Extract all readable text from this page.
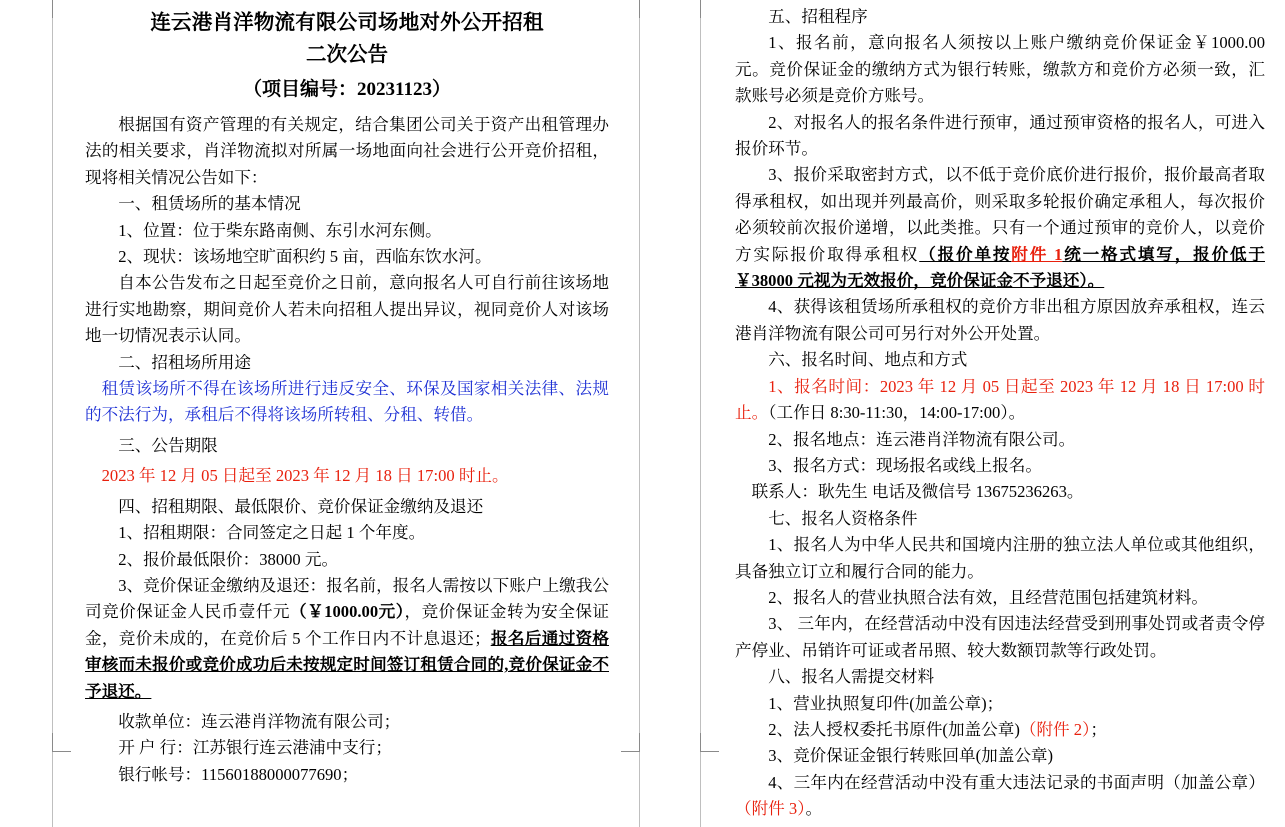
连云港肖洋物流有限公司场地对外公开招租
二次公告
（项目编号：20231123）

根据国有资产管理的有关规定，结合集团公司关于资产出租管理办法的相关要求，肖洋物流拟对所属一场地面向社会进行公开竞价招租，现将相关情况公告如下：

一、租赁场所的基本情况

1、位置：位于柴东路南侧、东引水河东侧。

2、现状：该场地空旷面积约 5 亩，西临东饮水河。

自本公告发布之日起至竞价之日前，意向报名人可自行前往该场地进行实地勘察，期间竞价人若未向招租人提出异议，视同竞价人对该场地一切情况表示认同。

二、招租场所用途

租赁该场所不得在该场所进行违反安全、环保及国家相关法律、法规的不法行为，承租后不得将该场所转租、分租、转借。

三、公告期限

2023 年 12 月 05 日起至 2023 年 12 月 18 日 17:00 时止。

四、招租期限、最低限价、竞价保证金缴纳及退还

1、招租期限：合同签定之日起 1 个年度。

2、报价最低限价：38000 元。

3、竞价保证金缴纳及退还：报名前，报名人需按以下账户上缴我公司竞价保证金人民币壹仟元（￥1000.00元），竞价保证金转为安全保证金，竞价未成的，在竞价后 5 个工作日内不计息退还；报名后通过资格审核而未报价或竞价成功后未按规定时间签订租赁合同的,竞价保证金不予退还。

收款单位：连云港肖洋物流有限公司；

开 户 行：江苏银行连云港浦中支行；

银行帐号：11560188000077690；

五、招租程序

1、报名前，意向报名人须按以上账户缴纳竞价保证金￥1000.00 元。竞价保证金的缴纳方式为银行转账，缴款方和竞价方必须一致，汇款账号必须是竞价方账号。

2、对报名人的报名条件进行预审，通过预审资格的报名人，可进入报价环节。

3、报价采取密封方式，以不低于竞价底价进行报价，报价最高者取得承租权，如出现并列最高价，则采取多轮报价确定承租人，每次报价必须较前次报价递增，以此类推。只有一个通过预审的竞价人，以竞价方实际报价取得承租权（报价单按附件 1统一格式填写，报价低于￥38000 元视为无效报价，竞价保证金不予退还）。

4、获得该租赁场所承租权的竞价方非出租方原因放弃承租权，连云港肖洋物流有限公司可另行对外公开处置。

六、报名时间、地点和方式

1、报名时间：2023 年 12 月 05 日起至 2023 年 12 月 18 日 17:00 时止。（工作日 8:30-11:30，14:00-17:00）。

2、报名地点：连云港肖洋物流有限公司。

3、报名方式：现场报名或线上报名。

联系人：耿先生 电话及微信号 13675236263。

七、报名人资格条件

1、报名人为中华人民共和国境内注册的独立法人单位或其他组织，具备独立订立和履行合同的能力。

2、报名人的营业执照合法有效，且经营范围包括建筑材料。

3、 三年内，在经营活动中没有因违法经营受到刑事处罚或者责令停产停业、吊销许可证或者吊照、较大数额罚款等行政处罚。

八、报名人需提交材料

1、营业执照复印件(加盖公章)；

2、法人授权委托书原件(加盖公章)（附件 2）；

3、竞价保证金银行转账回单(加盖公章)

4、三年内在经营活动中没有重大违法记录的书面声明（加盖公章）（附件 3）。
